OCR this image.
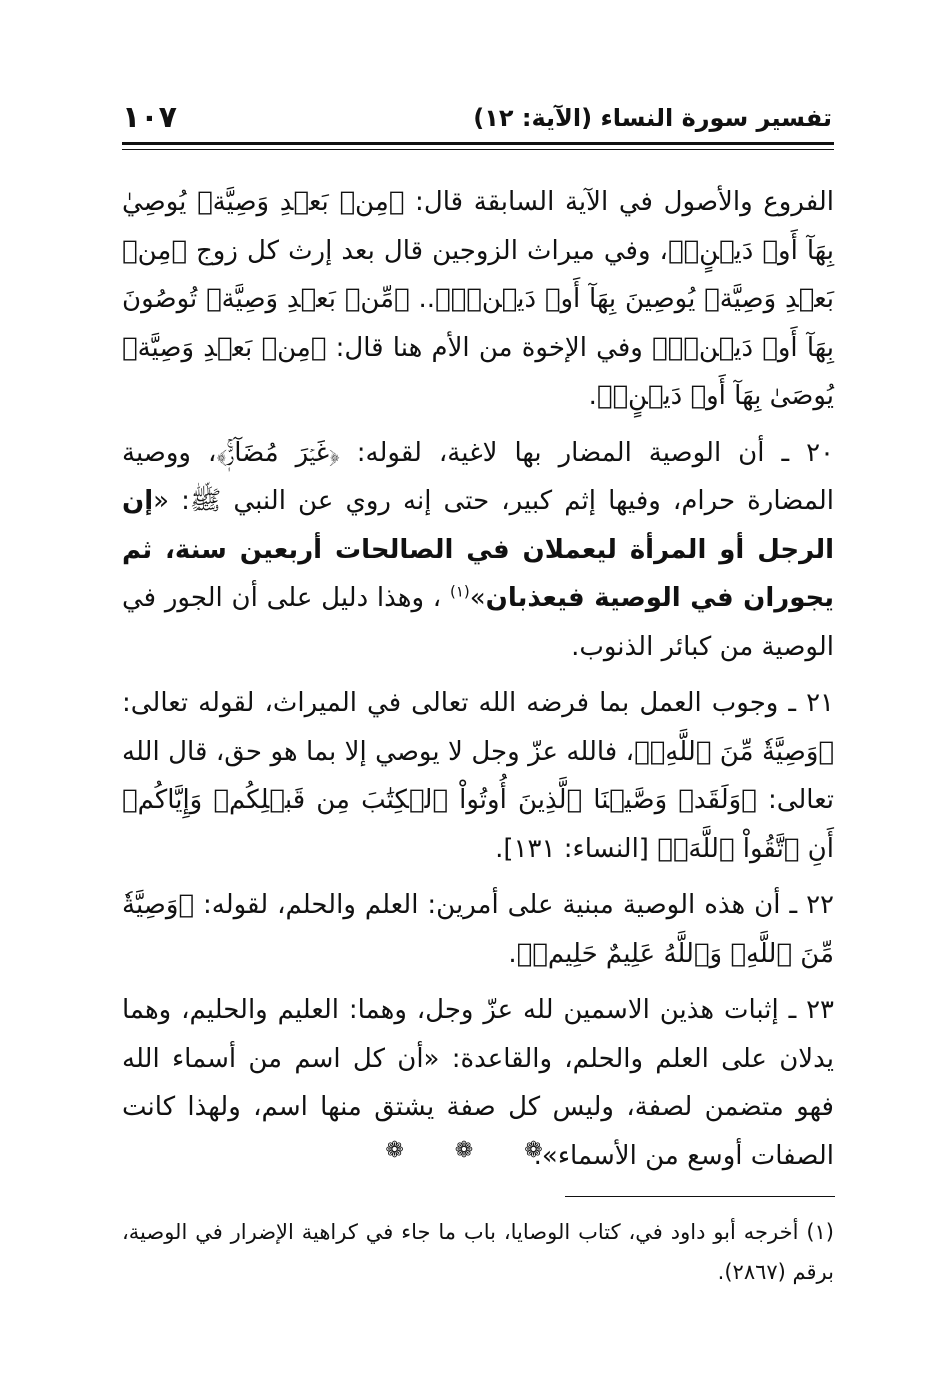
تفسير سورة النساء (الآية: ١٢)
١٠٧

الفروع والأصول في الآية السابقة قال: ﴿مِنۢ بَعۡدِ وَصِيَّةٖ يُوصِيٰ بِهَآ أَوۡ دَيۡنٍۗ﴾، وفي ميراث الزوجين قال بعد إرث كل زوج ﴿مِنۢ بَعۡدِ وَصِيَّةٖ يُوصِينَ بِهَآ أَوۡ دَيۡنٖۚ﴾.. ﴿مِّنۢ بَعۡدِ وَصِيَّةٖ تُوصُونَ بِهَآ أَوۡ دَيۡنٖۗ﴾ وفي الإخوة من الأم هنا قال: ﴿مِنۢ بَعۡدِ وَصِيَّةٖ يُوصَىٰ بِهَآ أَوۡ دَيۡنٍۚ﴾.

٢٠ ـ أن الوصية المضار بها لاغية، لقوله: ﴿غَيۡرَ مُضَآرّٖۚ﴾، ووصية المضارة حرام، وفيها إثم كبير، حتى إنه روي عن النبي ﷺ: «إن الرجل أو المرأة ليعملان في الصالحات أربعين سنة، ثم يجوران في الوصية فيعذبان»$^{(١)}$ ، وهذا دليل على أن الجور في الوصية من كبائر الذنوب.

٢١ ـ وجوب العمل بما فرضه الله تعالى في الميراث، لقوله تعالى: ﴿وَصِيَّةٗ مِّنَ ٱللَّهِۗ﴾، فالله عزّ وجل لا يوصي إلا بما هو حق، قال الله تعالى: ﴿وَلَقَدۡ وَصَّيۡنَا ٱلَّذِينَ أُوتُواْ ٱلۡكِتَٰبَ مِن قَبۡلِكُمۡ وَإِيَّاكُمۡ أَنِ ٱتَّقُواْ ٱللَّهَۚ﴾ [النساء: ١٣١].

٢٢ ـ أن هذه الوصية مبنية على أمرين: العلم والحلم، لقوله: ﴿وَصِيَّةٗ مِّنَ ٱللَّهِۗ وَٱللَّهُ عَلِيمٌ حَلِيمٞ﴾.

٢٣ ـ إثبات هذين الاسمين لله عزّ وجل، وهما: العليم والحليم، وهما يدلان على العلم والحلم، والقاعدة: «أن كل اسم من أسماء الله فهو متضمن لصفة، وليس كل صفة يشتق منها اسم، ولهذا كانت الصفات أوسع من الأسماء».

❁ ❁ ❁

(١) أخرجه أبو داود في، كتاب الوصايا، باب ما جاء في كراهية الإضرار في الوصية، برقم (٢٨٦٧).
